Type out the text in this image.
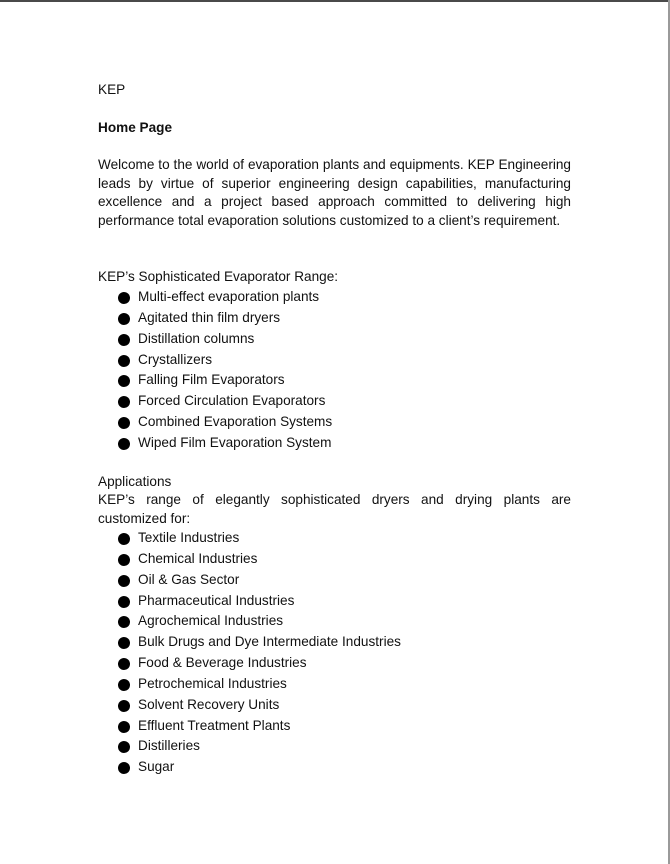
KEP
Home Page
Welcome to the world of evaporation plants and equipments. KEP Engineering leads by virtue of superior engineering design capabilities, manufacturing excellence and a project based approach committed to delivering high performance total evaporation solutions customized to a client’s requirement.
KEP’s Sophisticated Evaporator Range:
Multi-effect evaporation plants
Agitated thin film dryers
Distillation columns
Crystallizers
Falling Film Evaporators
Forced Circulation Evaporators
Combined Evaporation Systems
Wiped Film Evaporation System
Applications
KEP’s range of elegantly sophisticated dryers and drying plants are customized for:
Textile Industries
Chemical Industries
Oil & Gas Sector
Pharmaceutical Industries
Agrochemical Industries
Bulk Drugs and Dye Intermediate Industries
Food & Beverage Industries
Petrochemical Industries
Solvent Recovery Units
Effluent Treatment Plants
Distilleries
Sugar
